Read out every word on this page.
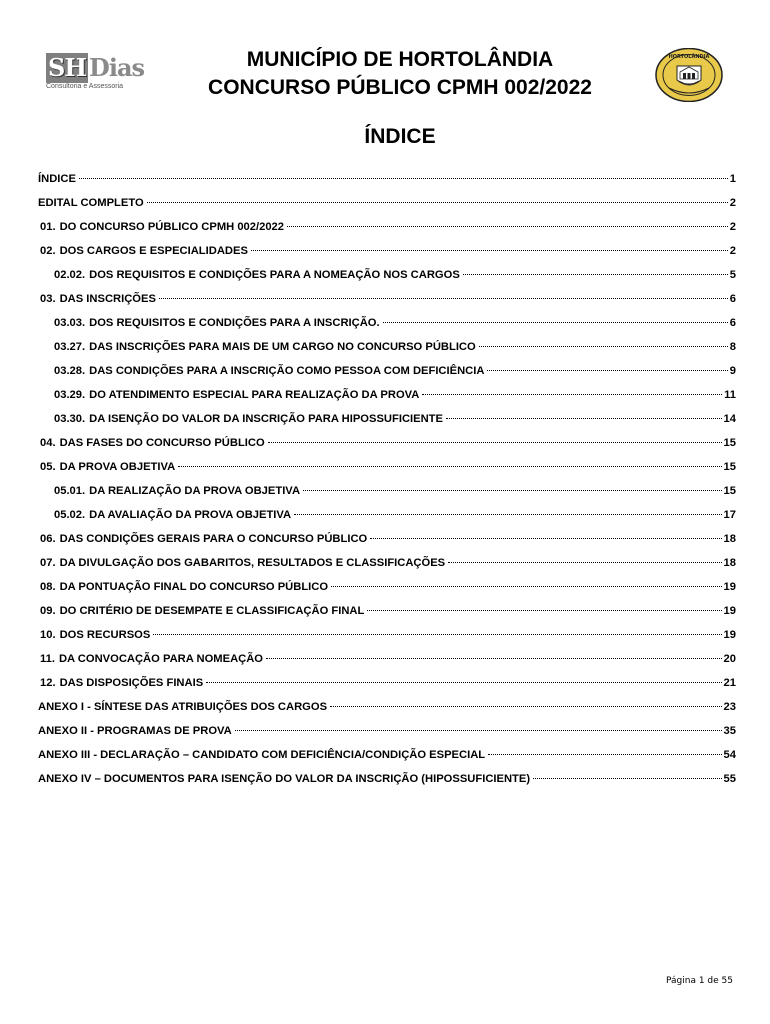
SH Dias
Consultoria e Assessoria
MUNICÍPIO DE HORTOLÂNDIA
CONCURSO PÚBLICO CPMH 002/2022
HORTOLÂNDIA
ÍNDICE
ÍNDICE	1
EDITAL COMPLETO	2
01. DO CONCURSO PÚBLICO CPMH 002/2022	2
02. DOS CARGOS E ESPECIALIDADES	2
02.02. DOS REQUISITOS E CONDIÇÕES PARA A NOMEAÇÃO NOS CARGOS	5
03. DAS INSCRIÇÕES	6
03.03. DOS REQUISITOS E CONDIÇÕES PARA A INSCRIÇÃO.	6
03.27. DAS INSCRIÇÕES PARA MAIS DE UM CARGO NO CONCURSO PÚBLICO	8
03.28. DAS CONDIÇÕES PARA A INSCRIÇÃO COMO PESSOA COM DEFICIÊNCIA	9
03.29. DO ATENDIMENTO ESPECIAL PARA REALIZAÇÃO DA PROVA	11
03.30. DA ISENÇÃO DO VALOR DA INSCRIÇÃO PARA HIPOSSUFICIENTE	14
04. DAS FASES DO CONCURSO PÚBLICO	15
05. DA PROVA OBJETIVA	15
05.01. DA REALIZAÇÃO DA PROVA OBJETIVA	15
05.02. DA AVALIAÇÃO DA PROVA OBJETIVA	17
06. DAS CONDIÇÕES GERAIS PARA O CONCURSO PÚBLICO	18
07. DA DIVULGAÇÃO DOS GABARITOS, RESULTADOS E CLASSIFICAÇÕES	18
08. DA PONTUAÇÃO FINAL DO CONCURSO PÚBLICO	19
09. DO CRITÉRIO DE DESEMPATE E CLASSIFICAÇÃO FINAL	19
10. DOS RECURSOS	19
11. DA CONVOCAÇÃO PARA NOMEAÇÃO	20
12. DAS DISPOSIÇÕES FINAIS	21
ANEXO I - SÍNTESE DAS ATRIBUIÇÕES DOS CARGOS	23
ANEXO II - PROGRAMAS DE PROVA	35
ANEXO III - DECLARAÇÃO – CANDIDATO COM DEFICIÊNCIA/CONDIÇÃO ESPECIAL	54
ANEXO IV – DOCUMENTOS PARA ISENÇÃO DO VALOR DA INSCRIÇÃO (HIPOSSUFICIENTE)	55
Página 1 de 55
